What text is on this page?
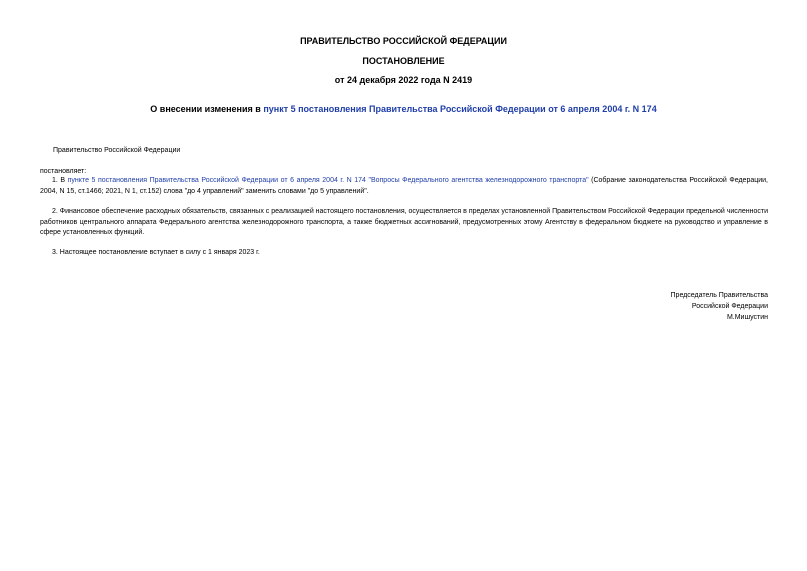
ПРАВИТЕЛЬСТВО РОССИЙСКОЙ ФЕДЕРАЦИИ
ПОСТАНОВЛЕНИЕ
от 24 декабря 2022 года N 2419
О внесении изменения в пункт 5 постановления Правительства Российской Федерации от 6 апреля 2004 г. N 174
Правительство Российской Федерации
постановляет:
1. В пункте 5 постановления Правительства Российской Федерации от 6 апреля 2004 г. N 174 "Вопросы Федерального агентства железнодорожного транспорта" (Собрание законодательства Российской Федерации, 2004, N 15, ст.1466; 2021, N 1, ст.152) слова "до 4 управлений" заменить словами "до 5 управлений".
2. Финансовое обеспечение расходных обязательств, связанных с реализацией настоящего постановления, осуществляется в пределах установленной Правительством Российской Федерации предельной численности работников центрального аппарата Федерального агентства железнодорожного транспорта, а также бюджетных ассигнований, предусмотренных этому Агентству в федеральном бюджете на руководство и управление в сфере установленных функций.
3. Настоящее постановление вступает в силу с 1 января 2023 г.
Председатель Правительства
Российской Федерации
М.Мишустин
